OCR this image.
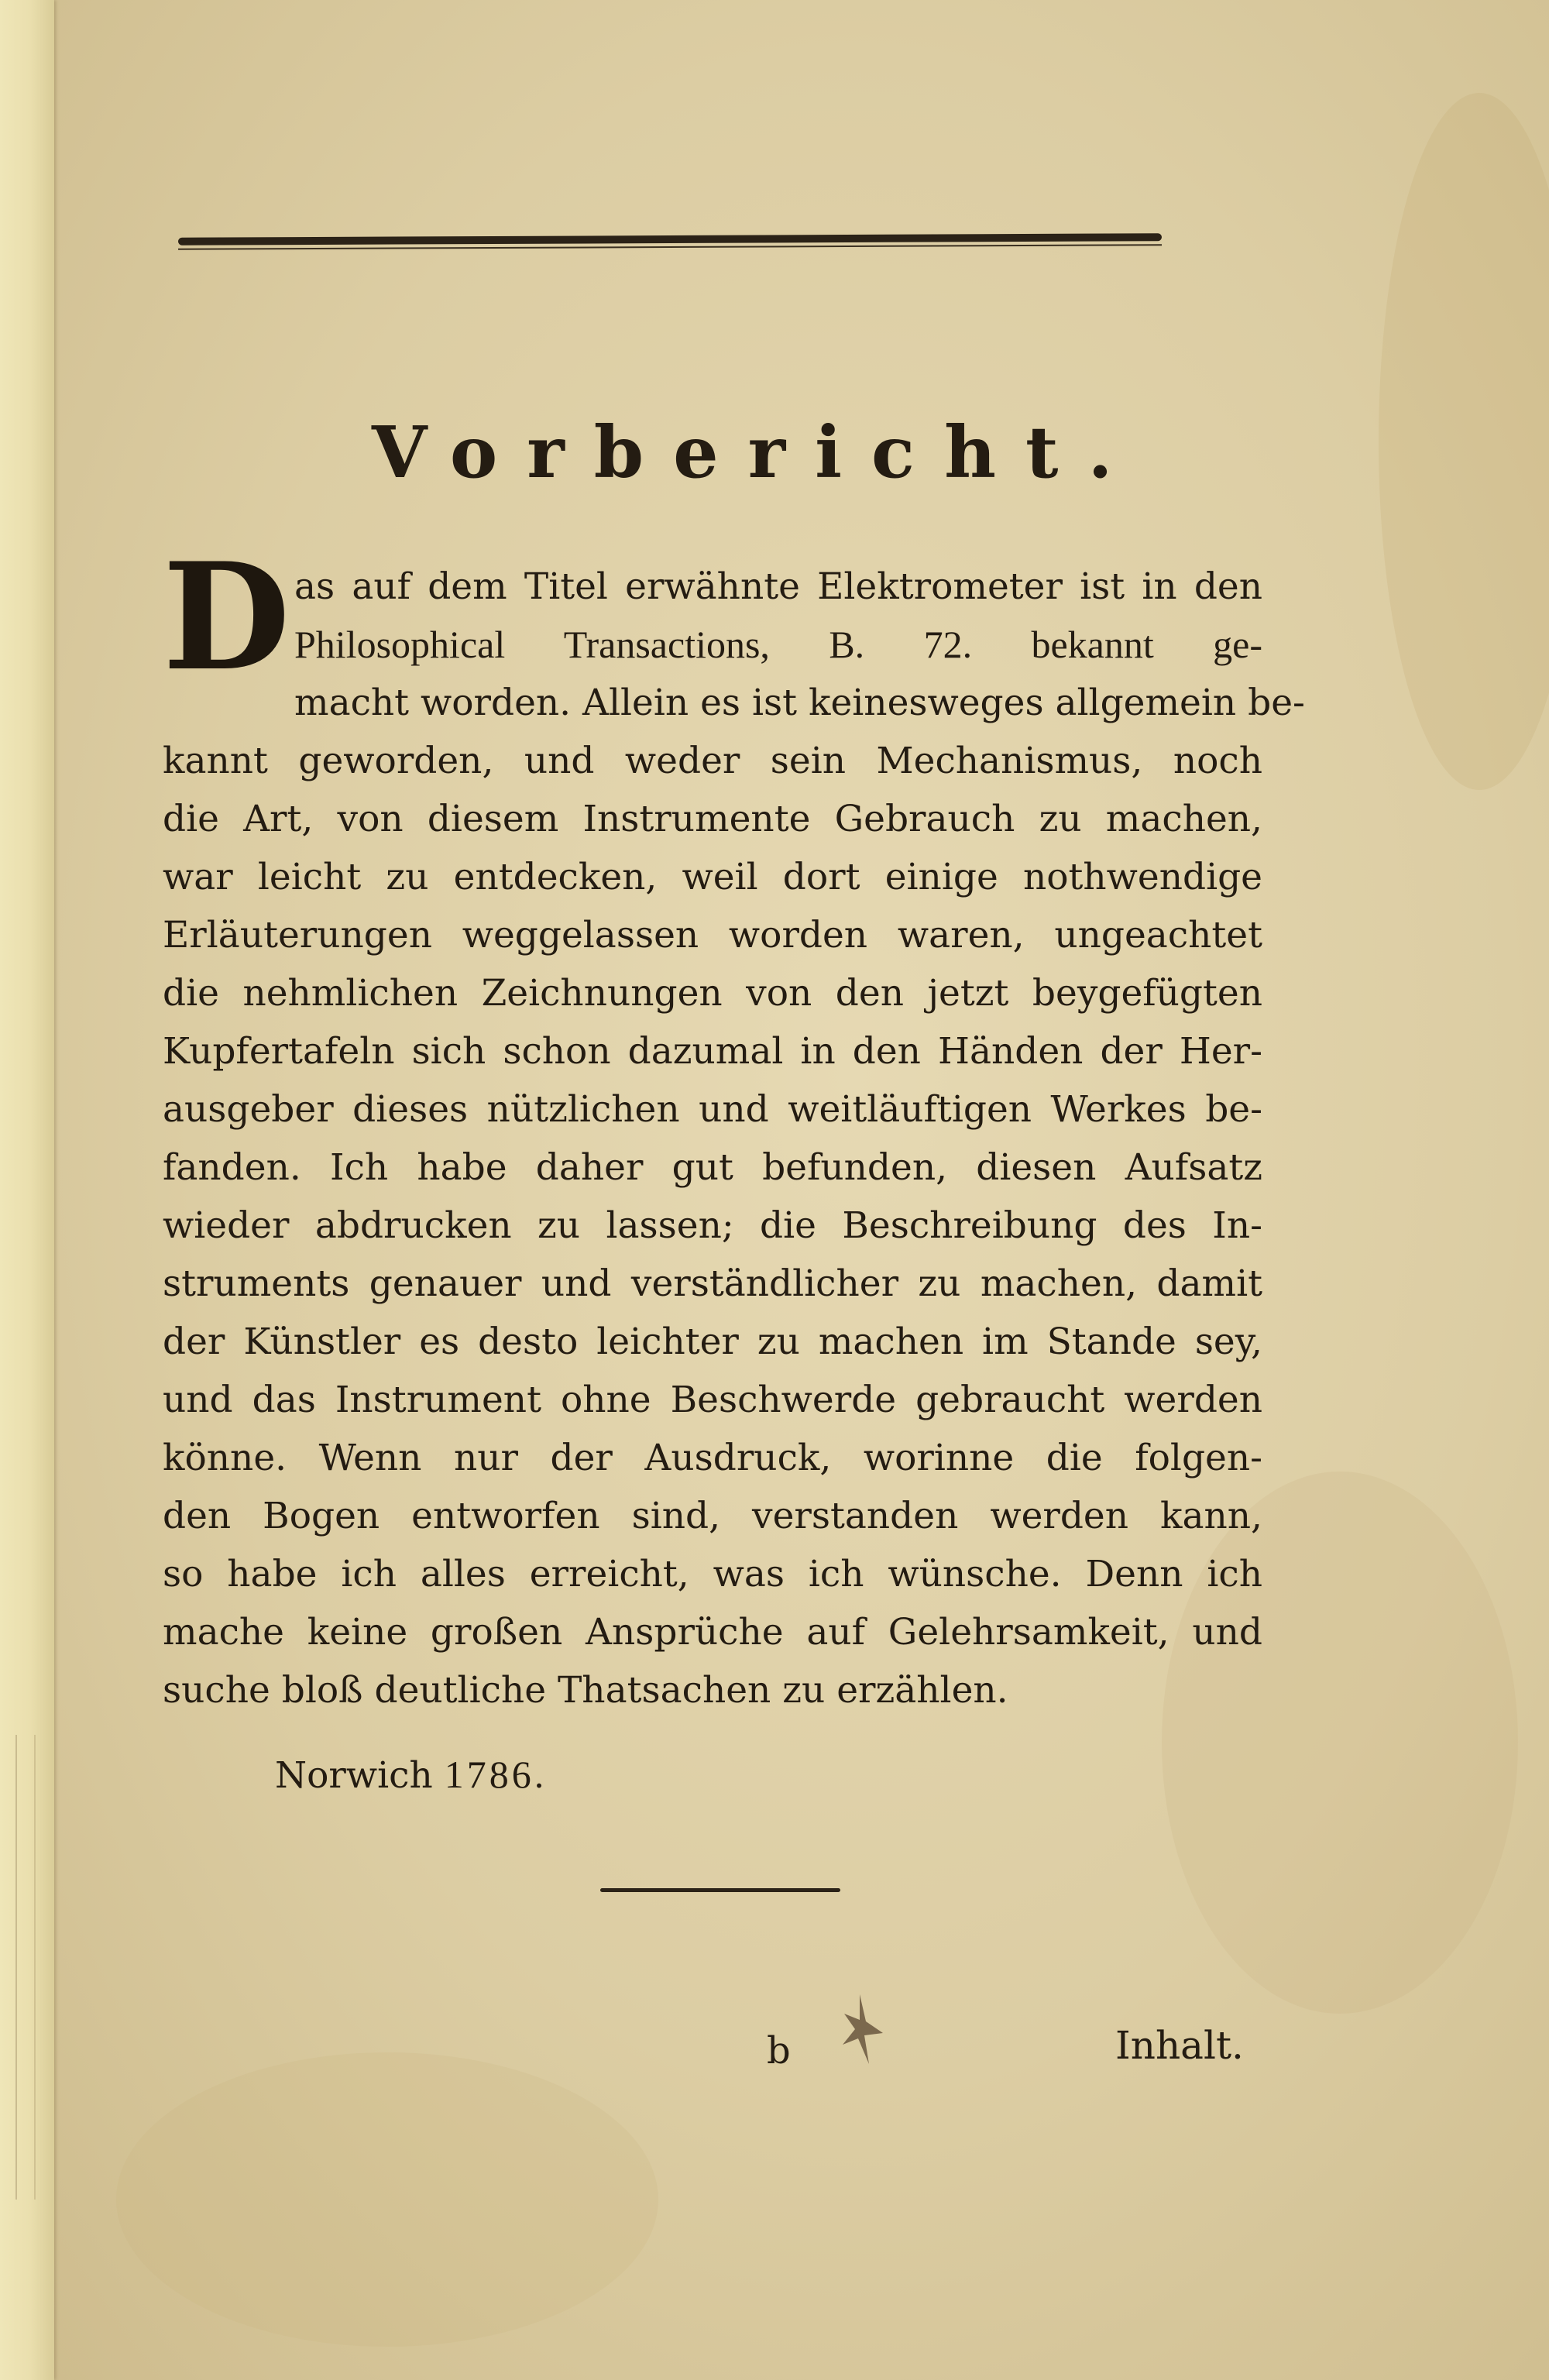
Vorbericht.
D as auf dem Titel erwähnte Elektrometer ist in den
Philosophical Transactions, B. 72. bekannt ge-
macht worden. Allein es ist keinesweges allgemein be-
kannt geworden, und weder sein Mechanismus, noch
die Art, von diesem Instrumente Gebrauch zu machen,
war leicht zu entdecken, weil dort einige nothwendige
Erläuterungen weggelassen worden waren, ungeachtet
die nehmlichen Zeichnungen von den jetzt beygefügten
Kupfertafeln sich schon dazumal in den Händen der Her-
ausgeber dieses nützlichen und weitläuftigen Werkes be-
fanden. Ich habe daher gut befunden, diesen Aufsatz
wieder abdrucken zu lassen; die Beschreibung des In-
struments genauer und verständlicher zu machen, damit
der Künstler es desto leichter zu machen im Stande sey,
und das Instrument ohne Beschwerde gebraucht werden
könne. Wenn nur der Ausdruck, worinne die folgen-
den Bogen entworfen sind, verstanden werden kann,
so habe ich alles erreicht, was ich wünsche. Denn ich
mache keine großen Ansprüche auf Gelehrsamkeit, und
suche bloß deutliche Thatsachen zu erzählen.
Norwich 1786.
b	Inhalt.
